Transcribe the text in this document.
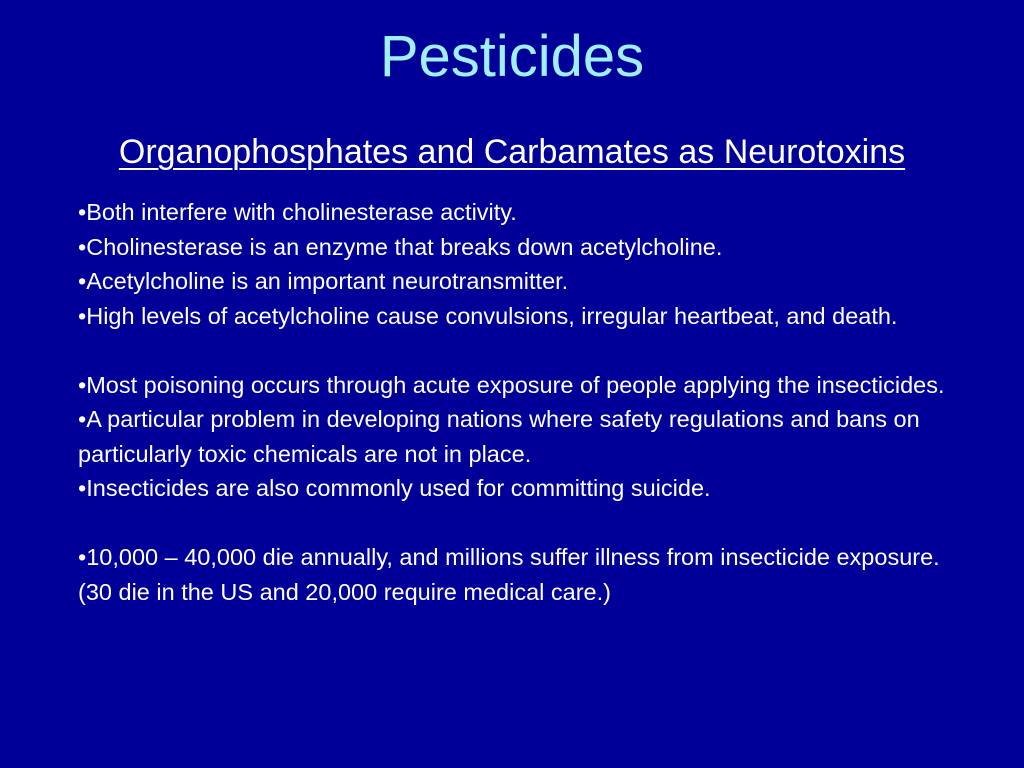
Pesticides
Organophosphates and Carbamates as Neurotoxins
•Both interfere with cholinesterase activity.
•Cholinesterase is an enzyme that breaks down acetylcholine.
•Acetylcholine is an important neurotransmitter.
•High levels of acetylcholine cause convulsions, irregular heartbeat, and death.
•Most poisoning occurs through acute exposure of people applying the insecticides.
•A particular problem in developing nations where safety regulations and bans on particularly toxic chemicals are not in place.
•Insecticides are also commonly used for committing suicide.
•10,000 – 40,000 die annually, and millions suffer illness from insecticide exposure. (30 die in the US and 20,000 require medical care.)
